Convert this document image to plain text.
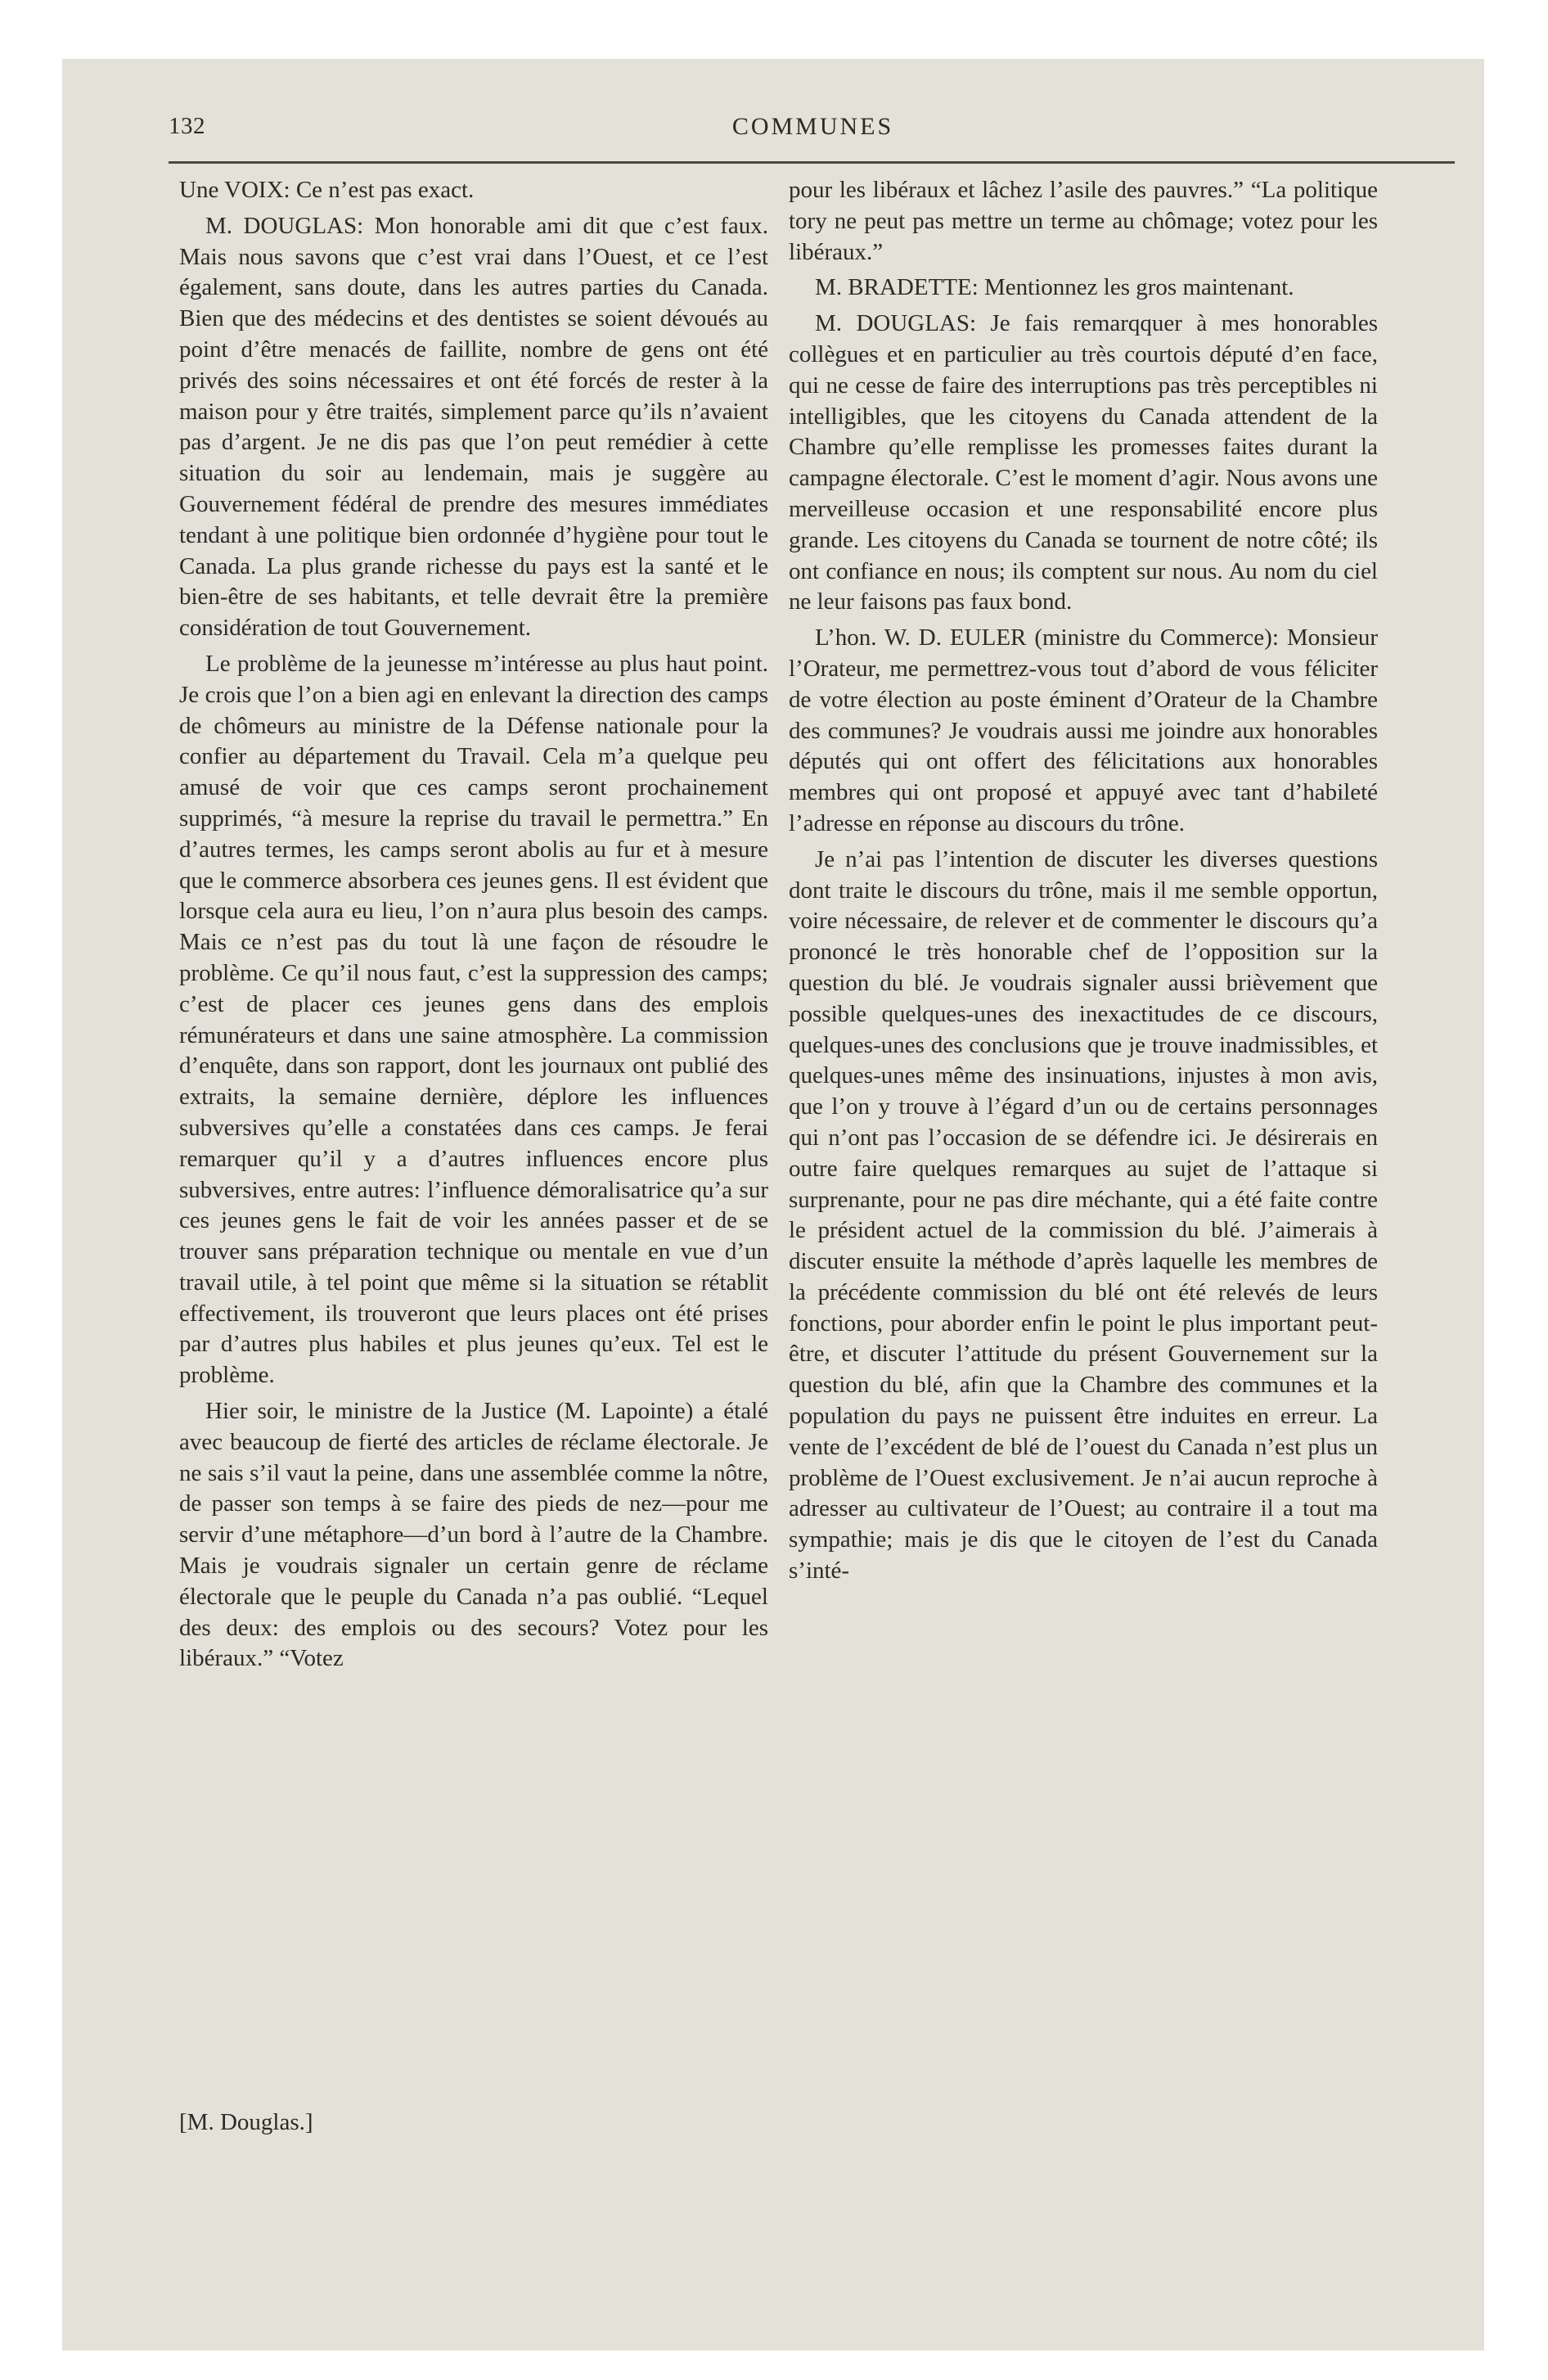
132	COMMUNES

Une VOIX: Ce n’est pas exact.

M. DOUGLAS: Mon honorable ami dit que c’est faux. Mais nous savons que c’est vrai dans l’Ouest, et ce l’est également, sans doute, dans les autres parties du Canada. Bien que des médecins et des dentistes se soient dévoués au point d’être menacés de faillite, nombre de gens ont été privés des soins nécessaires et ont été forcés de rester à la maison pour y être traités, simplement parce qu’ils n’avaient pas d’argent. Je ne dis pas que l’on peut remédier à cette situation du soir au lendemain, mais je suggère au Gouvernement fédéral de prendre des mesures immédiates tendant à une politique bien ordonnée d’hygiène pour tout le Canada. La plus grande richesse du pays est la santé et le bien-être de ses habitants, et telle devrait être la première considération de tout Gouvernement.

Le problème de la jeunesse m’intéresse au plus haut point. Je crois que l’on a bien agi en enlevant la direction des camps de chômeurs au ministre de la Défense nationale pour la confier au département du Travail. Cela m’a quelque peu amusé de voir que ces camps seront prochainement supprimés, “à mesure la reprise du travail le permettra.” En d’autres termes, les camps seront abolis au fur et à mesure que le commerce absorbera ces jeunes gens. Il est évident que lorsque cela aura eu lieu, l’on n’aura plus besoin des camps. Mais ce n’est pas du tout là une façon de résoudre le problème. Ce qu’il nous faut, c’est la suppression des camps; c’est de placer ces jeunes gens dans des emplois rémunérateurs et dans une saine atmosphère. La commission d’enquête, dans son rapport, dont les journaux ont publié des extraits, la semaine dernière, déplore les influences subversives qu’elle a constatées dans ces camps. Je ferai remarquer qu’il y a d’autres influences encore plus subversives, entre autres: l’influence démoralisatrice qu’a sur ces jeunes gens le fait de voir les années passer et de se trouver sans préparation technique ou mentale en vue d’un travail utile, à tel point que même si la situation se rétablit effectivement, ils trouveront que leurs places ont été prises par d’autres plus habiles et plus jeunes qu’eux. Tel est le problème.

Hier soir, le ministre de la Justice (M. Lapointe) a étalé avec beaucoup de fierté des articles de réclame électorale. Je ne sais s’il vaut la peine, dans une assemblée comme la nôtre, de passer son temps à se faire des pieds de nez—pour me servir d’une métaphore—d’un bord à l’autre de la Chambre. Mais je voudrais signaler un certain genre de réclame électorale que le peuple du Canada n’a pas oublié. “Lequel des deux: des emplois ou des secours? Votez pour les libéraux.” “Votez

[M. Douglas.]

pour les libéraux et lâchez l’asile des pauvres.” “La politique tory ne peut pas mettre un terme au chômage; votez pour les libéraux.”

M. BRADETTE: Mentionnez les gros maintenant.

M. DOUGLAS: Je fais remarqquer à mes honorables collègues et en particulier au très courtois député d’en face, qui ne cesse de faire des interruptions pas très perceptibles ni intelligibles, que les citoyens du Canada attendent de la Chambre qu’elle remplisse les promesses faites durant la campagne électorale. C’est le moment d’agir. Nous avons une merveilleuse occasion et une responsabilité encore plus grande. Les citoyens du Canada se tournent de notre côté; ils ont confiance en nous; ils comptent sur nous. Au nom du ciel ne leur faisons pas faux bond.

L’hon. W. D. EULER (ministre du Commerce): Monsieur l’Orateur, me permettrez-vous tout d’abord de vous féliciter de votre élection au poste éminent d’Orateur de la Chambre des communes? Je voudrais aussi me joindre aux honorables députés qui ont offert des félicitations aux honorables membres qui ont proposé et appuyé avec tant d’habileté l’adresse en réponse au discours du trône.

Je n’ai pas l’intention de discuter les diverses questions dont traite le discours du trône, mais il me semble opportun, voire nécessaire, de relever et de commenter le discours qu’a prononcé le très honorable chef de l’opposition sur la question du blé. Je voudrais signaler aussi brièvement que possible quelques-unes des inexactitudes de ce discours, quelques-unes des conclusions que je trouve inadmissibles, et quelques-unes même des insinuations, injustes à mon avis, que l’on y trouve à l’égard d’un ou de certains personnages qui n’ont pas l’occasion de se défendre ici. Je désirerais en outre faire quelques remarques au sujet de l’attaque si surprenante, pour ne pas dire méchante, qui a été faite contre le président actuel de la commission du blé. J’aimerais à discuter ensuite la méthode d’après laquelle les membres de la précédente commission du blé ont été relevés de leurs fonctions, pour aborder enfin le point le plus important peut-être, et discuter l’attitude du présent Gouvernement sur la question du blé, afin que la Chambre des communes et la population du pays ne puissent être induites en erreur. La vente de l’excédent de blé de l’ouest du Canada n’est plus un problème de l’Ouest exclusivement. Je n’ai aucun reproche à adresser au cultivateur de l’Ouest; au contraire il a tout ma sympathie; mais je dis que le citoyen de l’est du Canada s’inté-
